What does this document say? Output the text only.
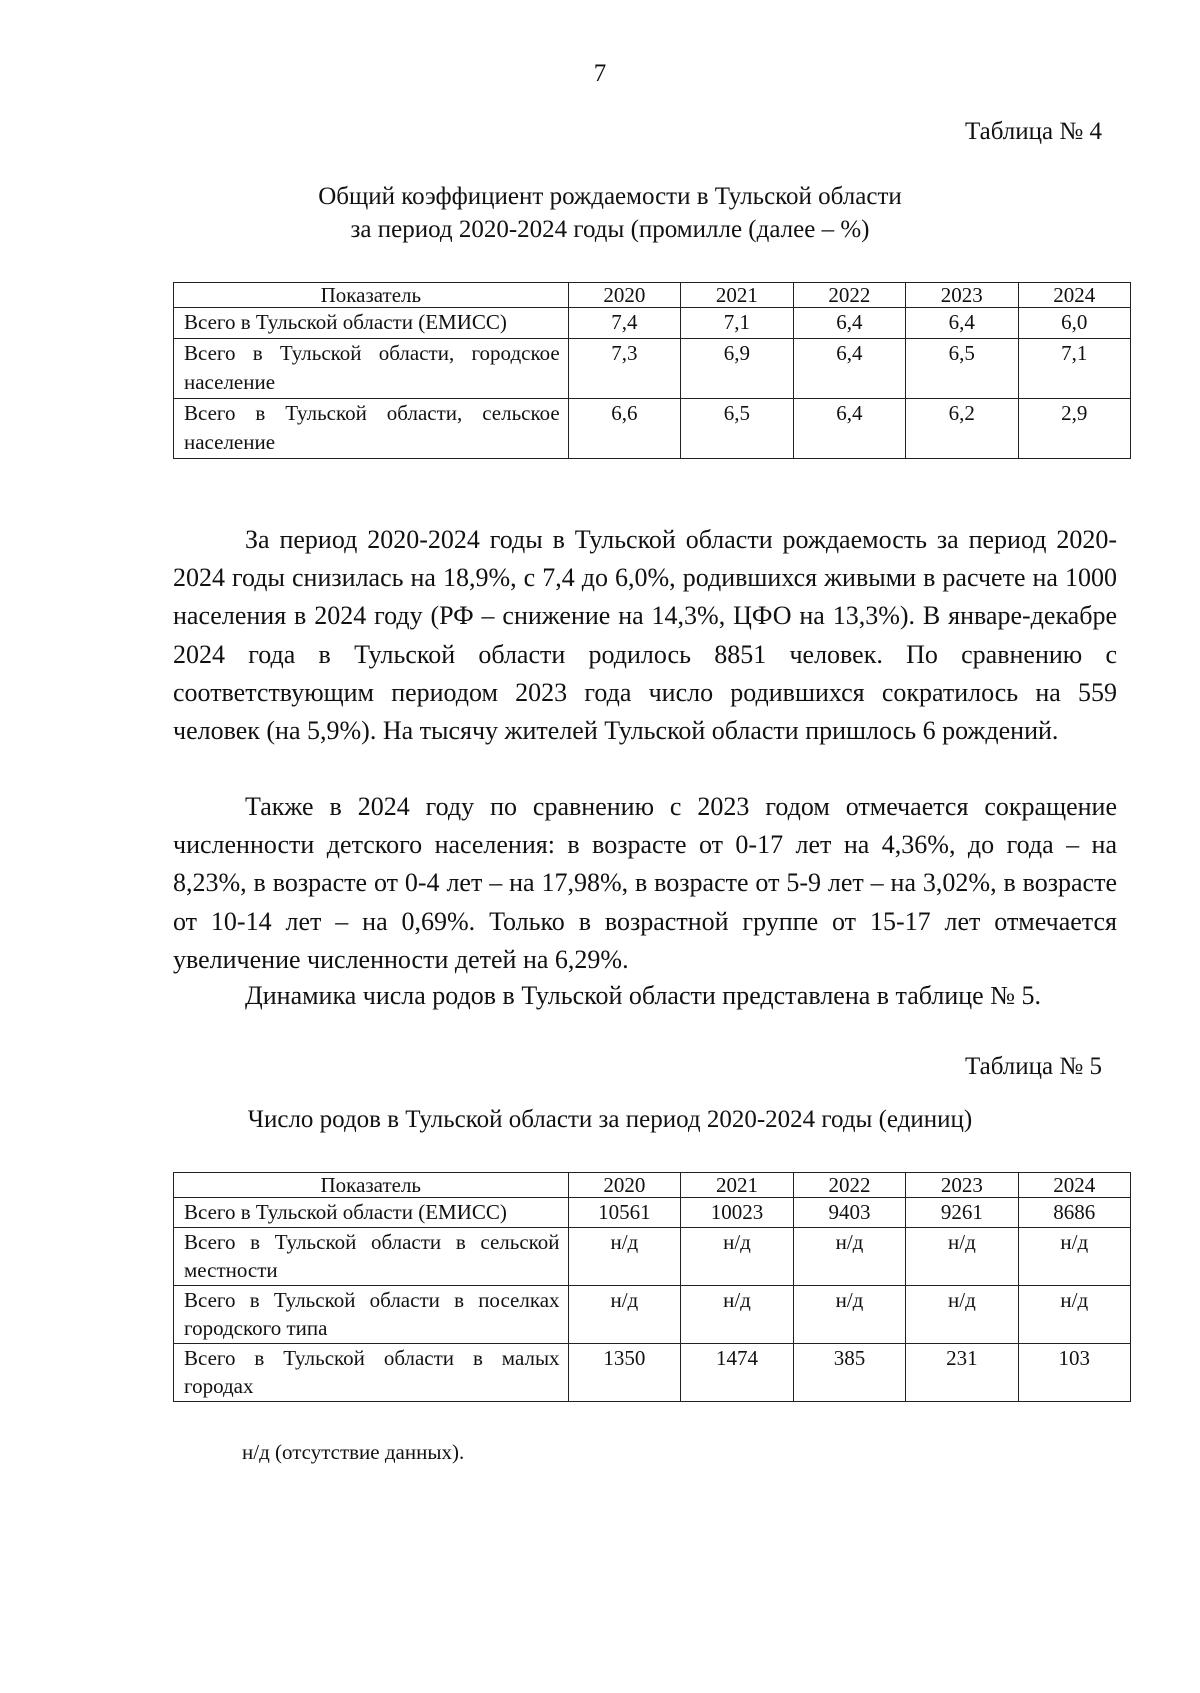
7
Таблица № 4
Общий коэффициент рождаемости в Тульской области
за период 2020-2024 годы (промилле (далее – %)
Показатель	2020	2021	2022	2023	2024
Всего в Тульской области (ЕМИСС)	7,4	7,1	6,4	6,4	6,0
Всего в Тульской области, городское население	7,3	6,9	6,4	6,5	7,1
Всего в Тульской области, сельское население	6,6	6,5	6,4	6,2	2,9

За период 2020-2024 годы в Тульской области рождаемость за период 2020-2024 годы снизилась на 18,9%, с 7,4 до 6,0%, родившихся живыми в расчете на 1000 населения в 2024 году (РФ – снижение на 14,3%, ЦФО на 13,3%). В январе-декабре 2024 года в Тульской области родилось 8851 человек. По сравнению с соответствующим периодом 2023 года число родившихся сократилось на 559 человек (на 5,9%). На тысячу жителей Тульской области пришлось 6 рождений.

Также в 2024 году по сравнению с 2023 годом отмечается сокращение численности детского населения: в возрасте от 0-17 лет на 4,36%, до года – на 8,23%, в возрасте от 0-4 лет – на 17,98%, в возрасте от 5-9 лет – на 3,02%, в возрасте от 10-14 лет – на 0,69%. Только в возрастной группе от 15-17 лет отмечается увеличение численности детей на 6,29%.

Динамика числа родов в Тульской области представлена в таблице № 5.

Таблица № 5
Число родов в Тульской области за период 2020-2024 годы (единиц)
Показатель	2020	2021	2022	2023	2024
Всего в Тульской области (ЕМИСС)	10561	10023	9403	9261	8686
Всего в Тульской области в сельской местности	н/д	н/д	н/д	н/д	н/д
Всего в Тульской области в поселках городского типа	н/д	н/д	н/д	н/д	н/д
Всего в Тульской области в малых городах	1350	1474	385	231	103
н/д (отсутствие данных).
